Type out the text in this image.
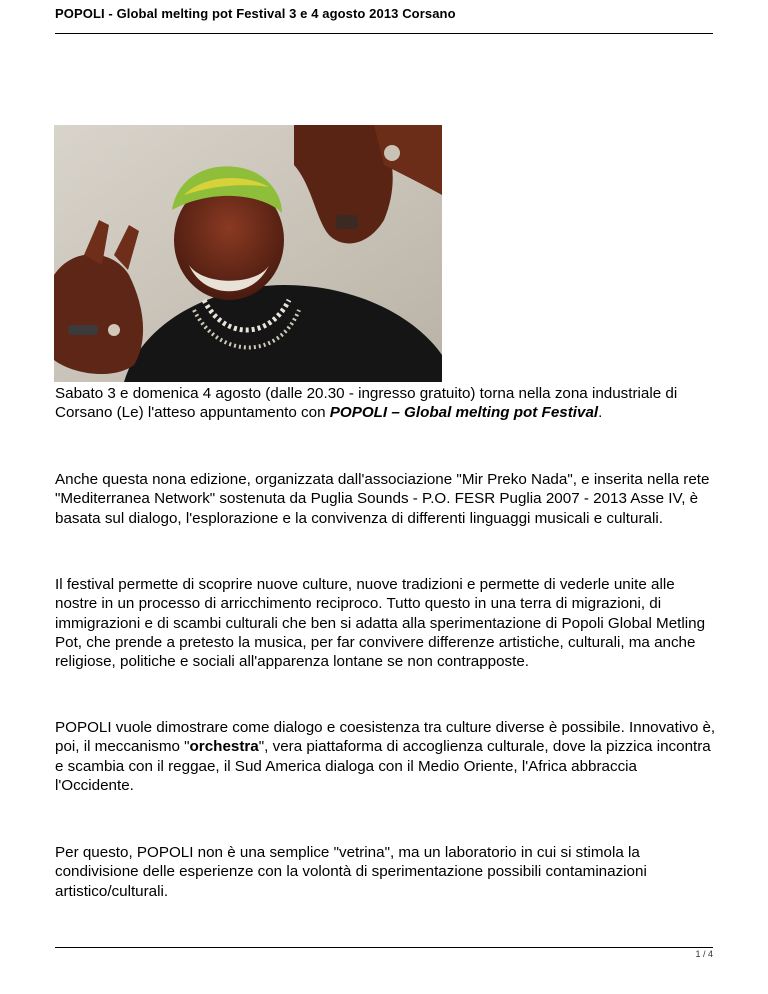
POPOLI - Global melting pot Festival 3 e 4 agosto 2013 Corsano

Sabato 3 e domenica 4 agosto (dalle 20.30 - ingresso gratuito) torna nella zona industriale di Corsano (Le) l'atteso appuntamento con POPOLI – Global melting pot Festival.

Anche questa nona edizione, organizzata dall'associazione "Mir Preko Nada", e inserita nella rete "Mediterranea Network" sostenuta da Puglia Sounds - P.O. FESR Puglia 2007 - 2013 Asse IV, è basata sul dialogo, l'esplorazione e la convivenza di differenti linguaggi musicali e culturali.

Il festival permette di scoprire nuove culture, nuove tradizioni e permette di vederle unite alle nostre in un processo di arricchimento reciproco. Tutto questo in una terra di migrazioni, di immigrazioni e di scambi culturali che ben si adatta alla sperimentazione di Popoli Global Metling Pot, che prende a pretesto la musica, per far convivere differenze artistiche, culturali, ma anche religiose, politiche e sociali all'apparenza lontane se non contrapposte.

POPOLI vuole dimostrare come dialogo e coesistenza tra culture diverse è possibile. Innovativo è, poi, il meccanismo "orchestra", vera piattaforma di accoglienza culturale, dove la pizzica incontra e scambia con il reggae, il Sud America dialoga con il Medio Oriente, l'Africa abbraccia l'Occidente.

Per questo, POPOLI non è una semplice "vetrina", ma un laboratorio in cui si stimola la condivisione delle esperienze con la volontà di sperimentazione possibili contaminazioni artistico/culturali.

1 / 4
